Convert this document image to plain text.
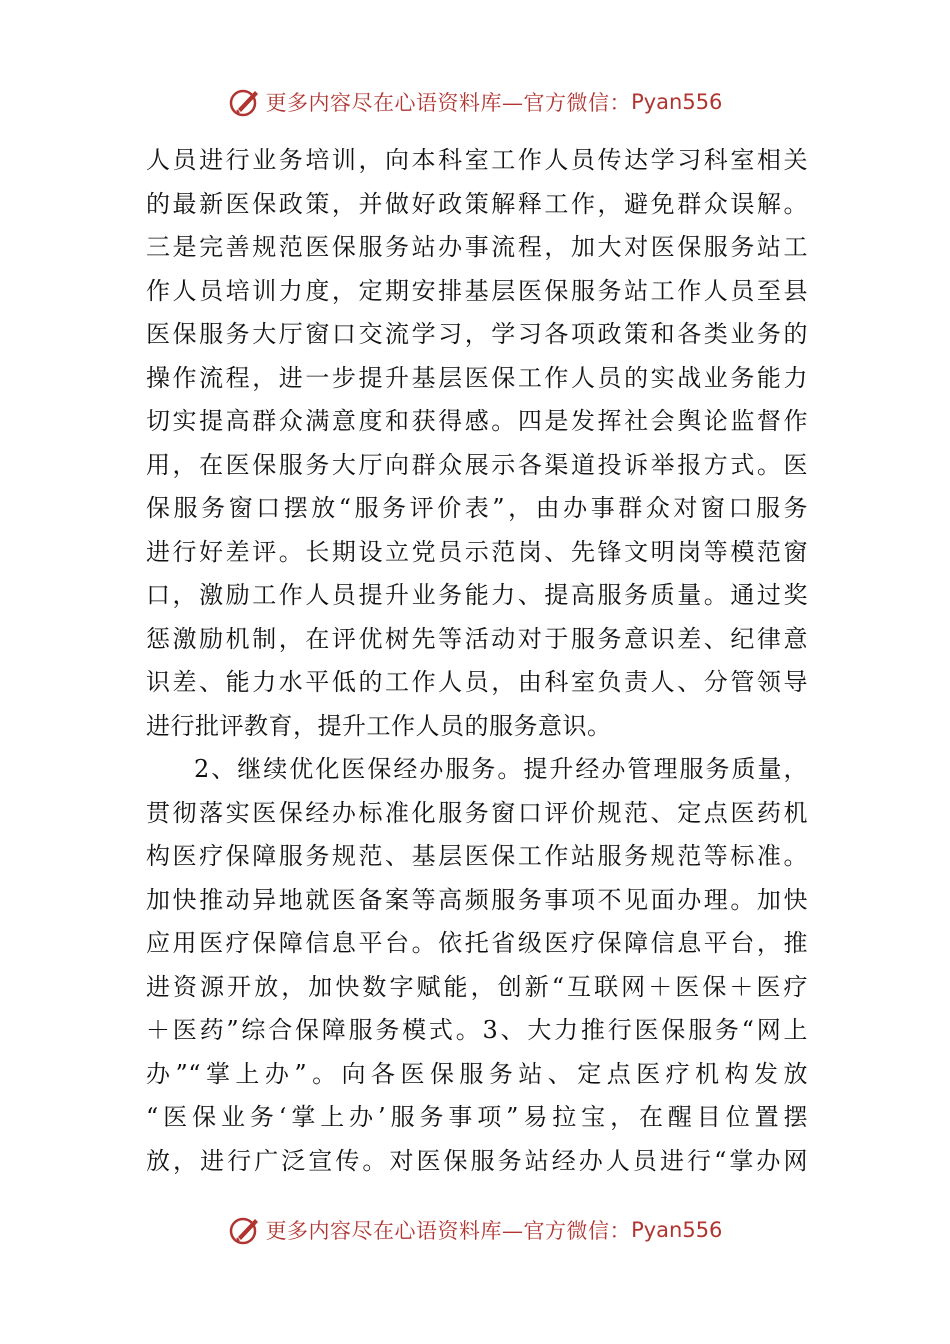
更多内容尽在心语资料库—官方微信： Pyan556
人员进行业务培训，向本科室工作人员传达学习科室相关
的最新医保政策，并做好政策解释工作，避免群众误解。
三是完善规范医保服务站办事流程，加大对医保服务站工
作人员培训力度，定期安排基层医保服务站工作人员至县
医保服务大厅窗口交流学习，学习各项政策和各类业务的
操作流程，进一步提升基层医保工作人员的实战业务能力
切实提高群众满意度和获得感。四是发挥社会舆论监督作
用，在医保服务大厅向群众展示各渠道投诉举报方式。医
保服务窗口摆放“服务评价表”，由办事群众对窗口服务
进行好差评。长期设立党员示范岗、先锋文明岗等模范窗
口，激励工作人员提升业务能力、提高服务质量。通过奖
惩激励机制，在评优树先等活动对于服务意识差、纪律意
识差、能力水平低的工作人员，由科室负责人、分管领导
进行批评教育，提升工作人员的服务意识。
2、继续优化医保经办服务。提升经办管理服务质量，
贯彻落实医保经办标准化服务窗口评价规范、定点医药机
构医疗保障服务规范、基层医保工作站服务规范等标准。
加快推动异地就医备案等高频服务事项不见面办理。加快
应用医疗保障信息平台。依托省级医疗保障信息平台，推
进资源开放，加快数字赋能，创新“互联网＋医保＋医疗
＋医药”综合保障服务模式。3、大力推行医保服务“网上
办”“掌上办”。向各医保服务站、定点医疗机构发放
“医保业务‘掌上办’服务事项”易拉宝，在醒目位置摆
放，进行广泛宣传。对医保服务站经办人员进行“掌办网
更多内容尽在心语资料库—官方微信： Pyan556
